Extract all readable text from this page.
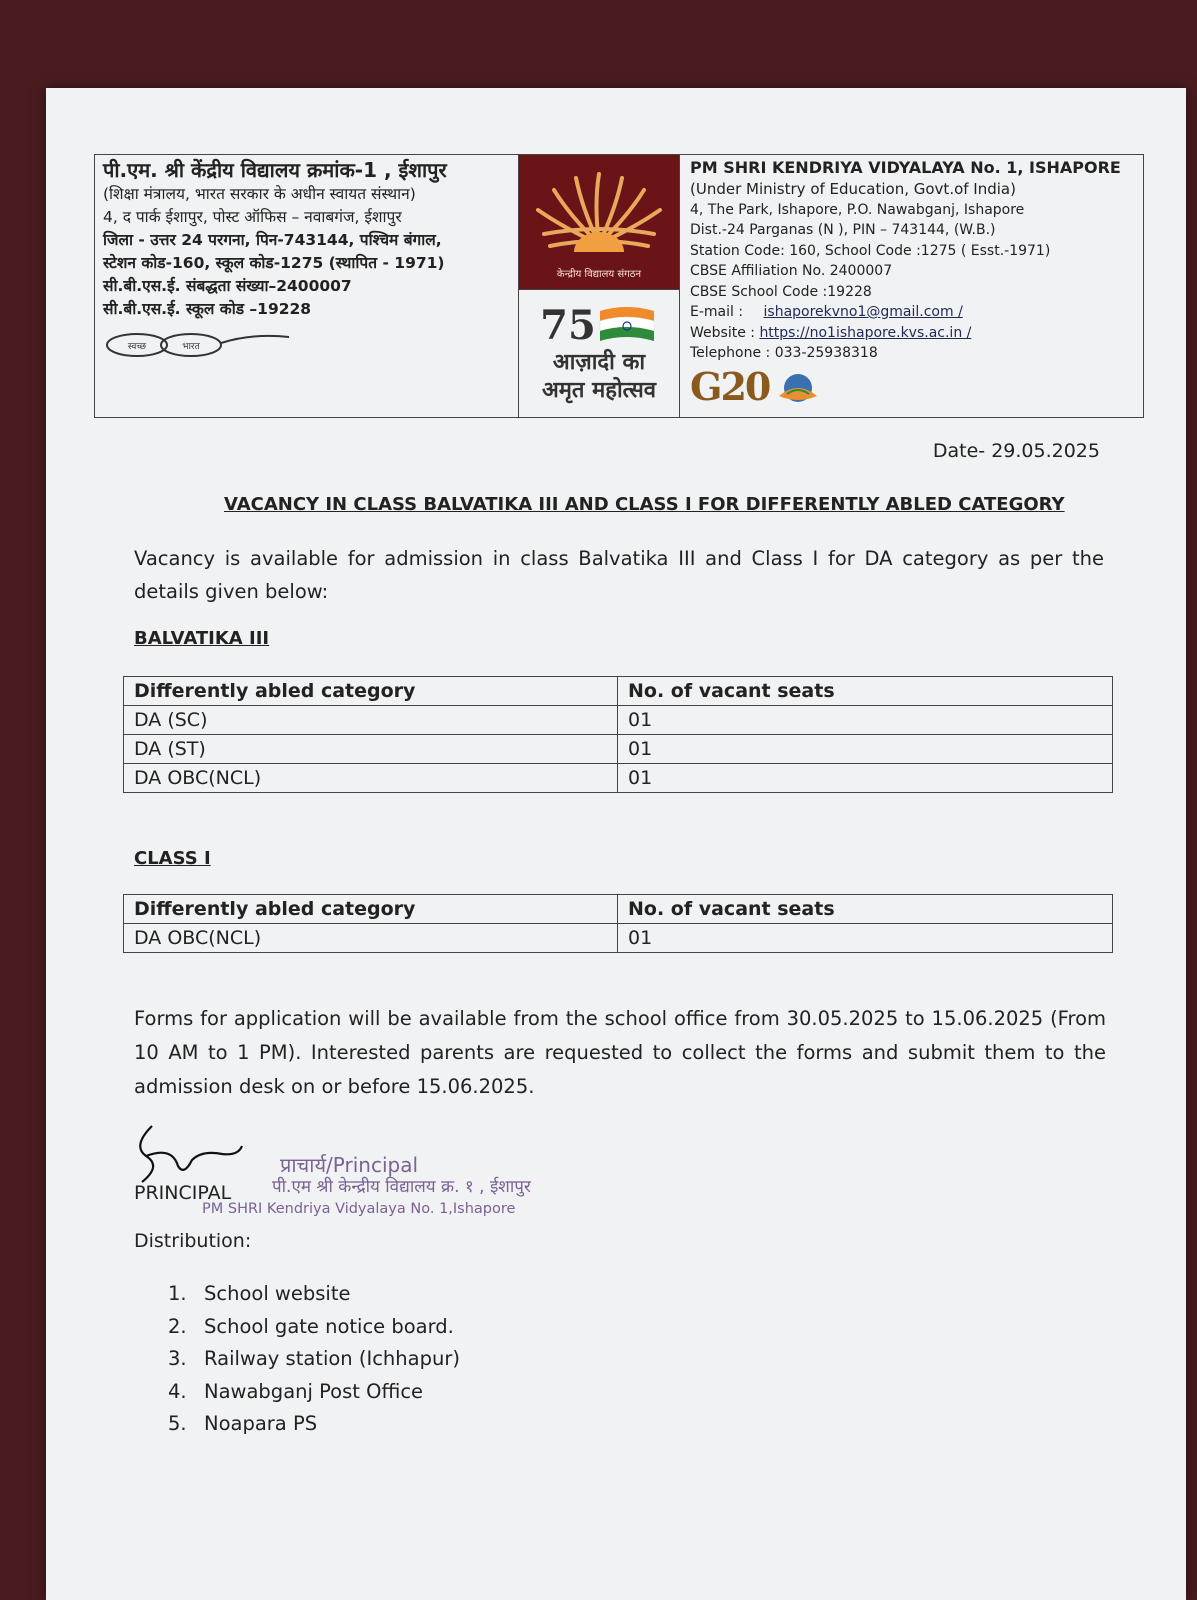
पी.एम. श्री केंद्रीय विद्यालय क्रमांक-1 , ईशापुर
(शिक्षा मंत्रालय, भारत सरकार के अधीन स्वायत संस्थान)
4, द पार्क ईशापुर, पोस्ट ऑफिस – नवाबगंज, ईशापुर
जिला - उत्तर 24 परगना, पिन-743144, पश्चिम बंगाल,
स्टेशन कोड-160, स्कूल कोड-1275 (स्थापित - 1971)
सी.बी.एस.ई. संबद्धता संख्या–2400007
सी.बी.एस.ई. स्कूल कोड –19228
स्वच्छ	भारत
केन्द्रीय विद्यालय संगठन
75
आज़ादी का
अमृत महोत्सव
PM SHRI KENDRIYA VIDYALAYA No. 1, ISHAPORE
(Under Ministry of Education, Govt.of India)
4, The Park, Ishapore, P.O. Nawabganj, Ishapore
Dist.-24 Parganas (N ), PIN – 743144, (W.B.)
Station Code: 160, School Code :1275 ( Esst.-1971)
CBSE Affiliation No. 2400007
CBSE School Code :19228
E-mail : ishaporekvno1@gmail.com /
Website : https://no1ishapore.kvs.ac.in /
Telephone : 033-25938318
G20
Date- 29.05.2025
VACANCY IN CLASS BALVATIKA III AND CLASS I FOR DIFFERENTLY ABLED CATEGORY
Vacancy is available for admission in class Balvatika III and Class I for DA category as per the details given below:
BALVATIKA III
Differently abled category	No. of vacant seats
DA (SC)	01
DA (ST)	01
DA OBC(NCL)	01
CLASS I
Differently abled category	No. of vacant seats
DA OBC(NCL)	01
Forms for application will be available from the school office from 30.05.2025 to 15.06.2025 (From 10 AM to 1 PM). Interested parents are requested to collect the forms and submit them to the admission desk on or before 15.06.2025.
प्राचार्य/Principal
पी.एम श्री केन्द्रीय विद्यालय क्र. १ , ईशापुर
PM SHRI Kendriya Vidyalaya No. 1,Ishapore
PRINCIPAL
Distribution:
1. School website
2. School gate notice board.
3. Railway station (Ichhapur)
4. Nawabganj Post Office
5. Noapara PS
